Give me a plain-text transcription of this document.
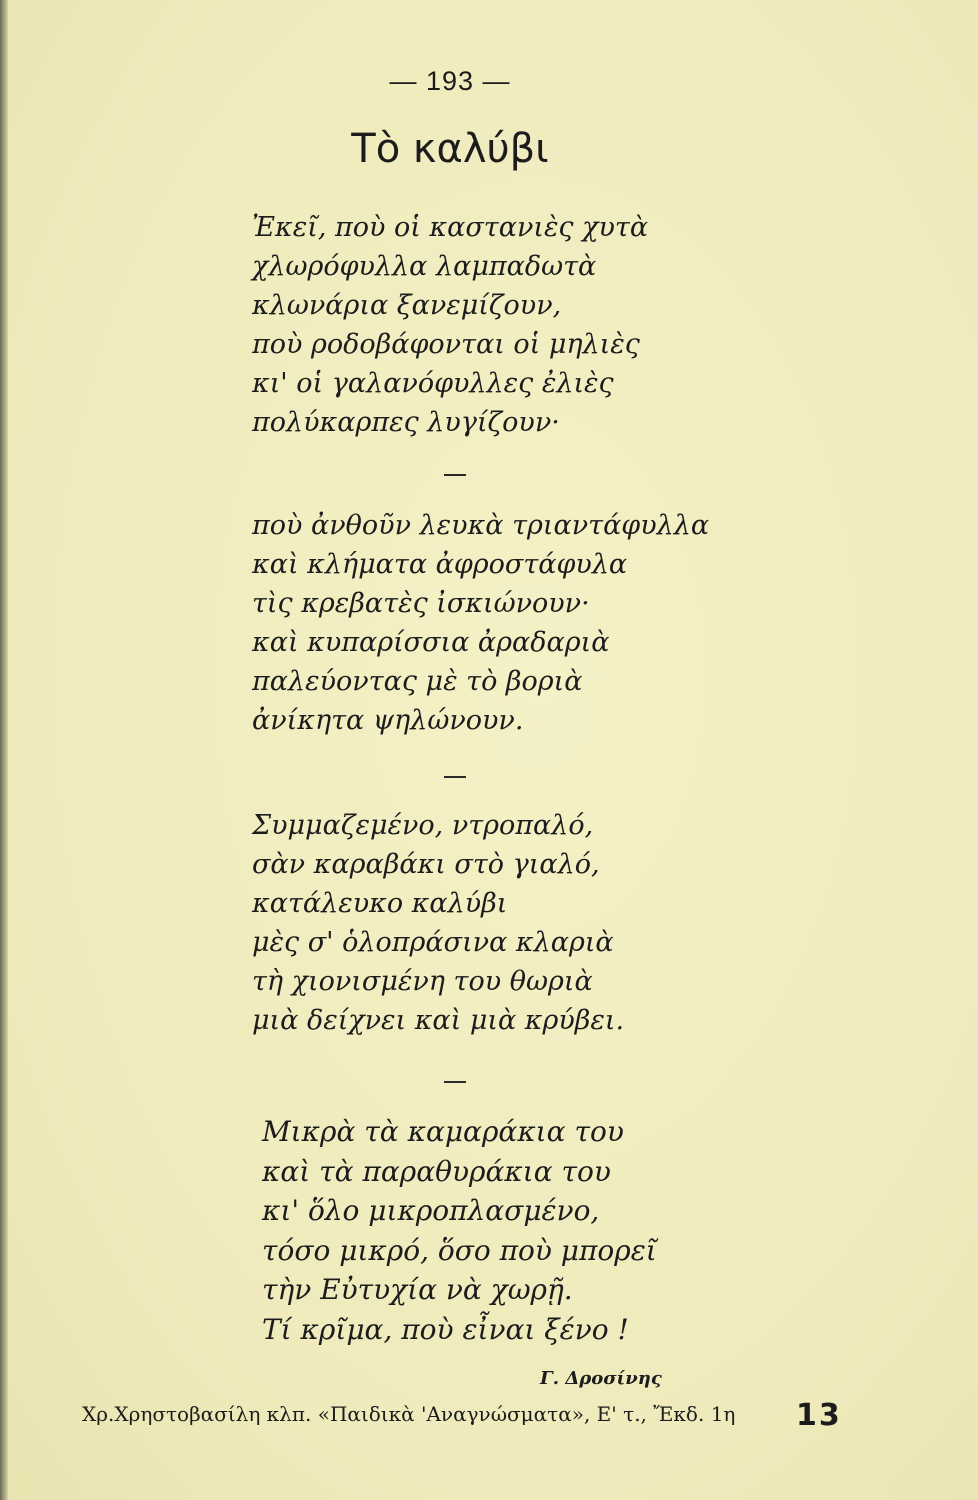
— 193 —
Τὸ καλύβι
Ἐκεῖ, ποὺ οἱ καστανιὲς χυτὰ
χλωρόφυλλα λαμπαδωτὰ
κλωνάρια ξανεμίζουν,
ποὺ ροδοβάφονται οἱ μηλιὲς
κι' οἱ γαλανόφυλλες ἐλιὲς
πολύκαρπες λυγίζουν·
ποὺ ἀνθοῦν λευκὰ τριαντάφυλλα
καὶ κλήματα ἀφροστάφυλα
τὶς κρεβατὲς ἰσκιώνουν·
καὶ κυπαρίσσια ἀραδαριὰ
παλεύοντας μὲ τὸ βοριὰ
ἀνίκητα ψηλώνουν.
Συμμαζεμένο, ντροπαλό,
σὰν καραβάκι στὸ γιαλό,
κατάλευκο καλύβι
μὲς σ' ὁλοπράσινα κλαριὰ
τὴ χιονισμένη του θωριὰ
μιὰ δείχνει καὶ μιὰ κρύβει.
Μικρὰ τὰ καμαράκια του
καὶ τὰ παραθυράκια του
κι' ὅλο μικροπλασμένο,
τόσο μικρό, ὅσο ποὺ μπορεῖ
τὴν Εὐτυχία νὰ χωρῇ.
Τί κρῖμα, ποὺ εἶναι ξένο !
Γ. Δροσίνης
Χρ.Χρηστοβασίλη κλπ. «Παιδικὰ 'Αναγνώσματα», Ε' τ., Ἔκδ. 1η 13
